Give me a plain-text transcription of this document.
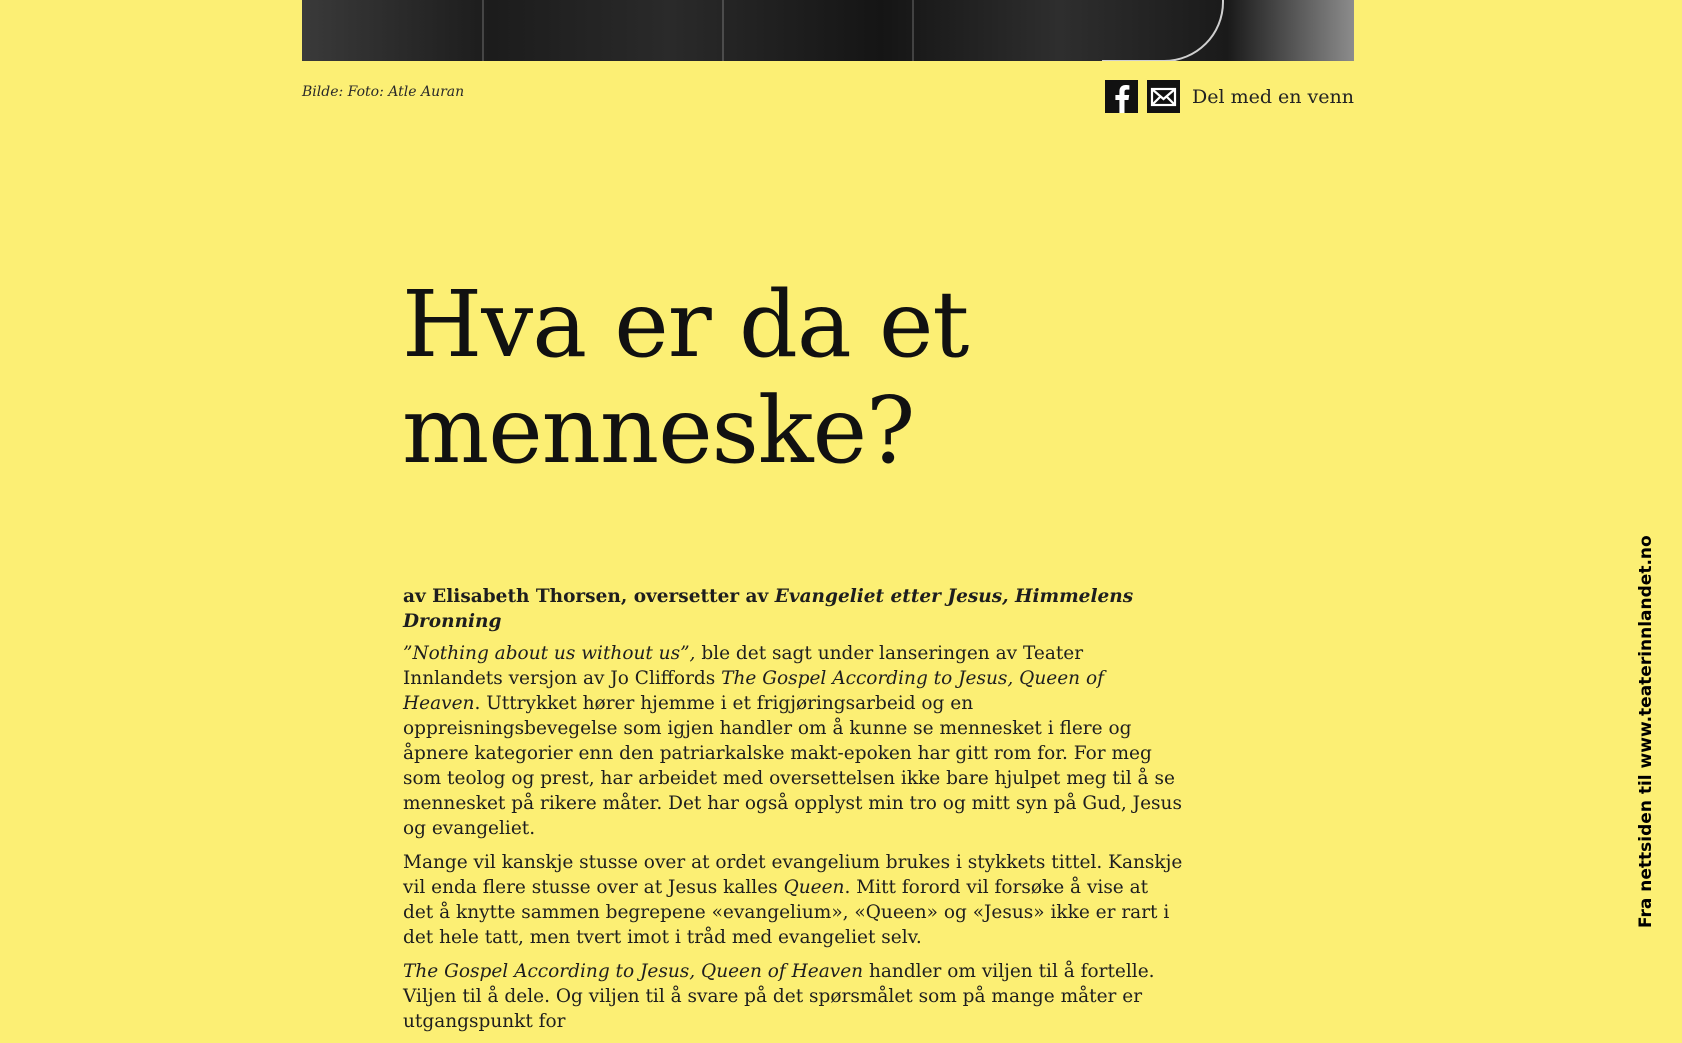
Bilde: Foto: Atle Auran	Del med en venn
Hva er da et
menneske?

av Elisabeth Thorsen, oversetter av Evangeliet etter Jesus, Himmelens Dronning

”Nothing about us without us”, ble det sagt under lanseringen av Teater Innlandets versjon av Jo Cliffords The Gospel According to Jesus, Queen of Heaven. Uttrykket hører hjemme i et frigjøringsarbeid og en oppreisningsbevegelse som igjen handler om å kunne se mennesket i flere og åpnere kategorier enn den patriarkalske makt-epoken har gitt rom for. For meg som teolog og prest, har arbeidet med oversettelsen ikke bare hjulpet meg til å se mennesket på rikere måter. Det har også opplyst min tro og mitt syn på Gud, Jesus og evangeliet.

Mange vil kanskje stusse over at ordet evangelium brukes i stykkets tittel. Kanskje vil enda flere stusse over at Jesus kalles Queen. Mitt forord vil forsøke å vise at det å knytte sammen begrepene «evangelium», «Queen» og «Jesus» ikke er rart i det hele tatt, men tvert imot i tråd med evangeliet selv.

The Gospel According to Jesus, Queen of Heaven handler om viljen til å fortelle. Viljen til å dele. Og viljen til å svare på det spørsmålet som på mange måter er utgangspunkt for

Fra nettsiden til www.teaterinnlandet.no
